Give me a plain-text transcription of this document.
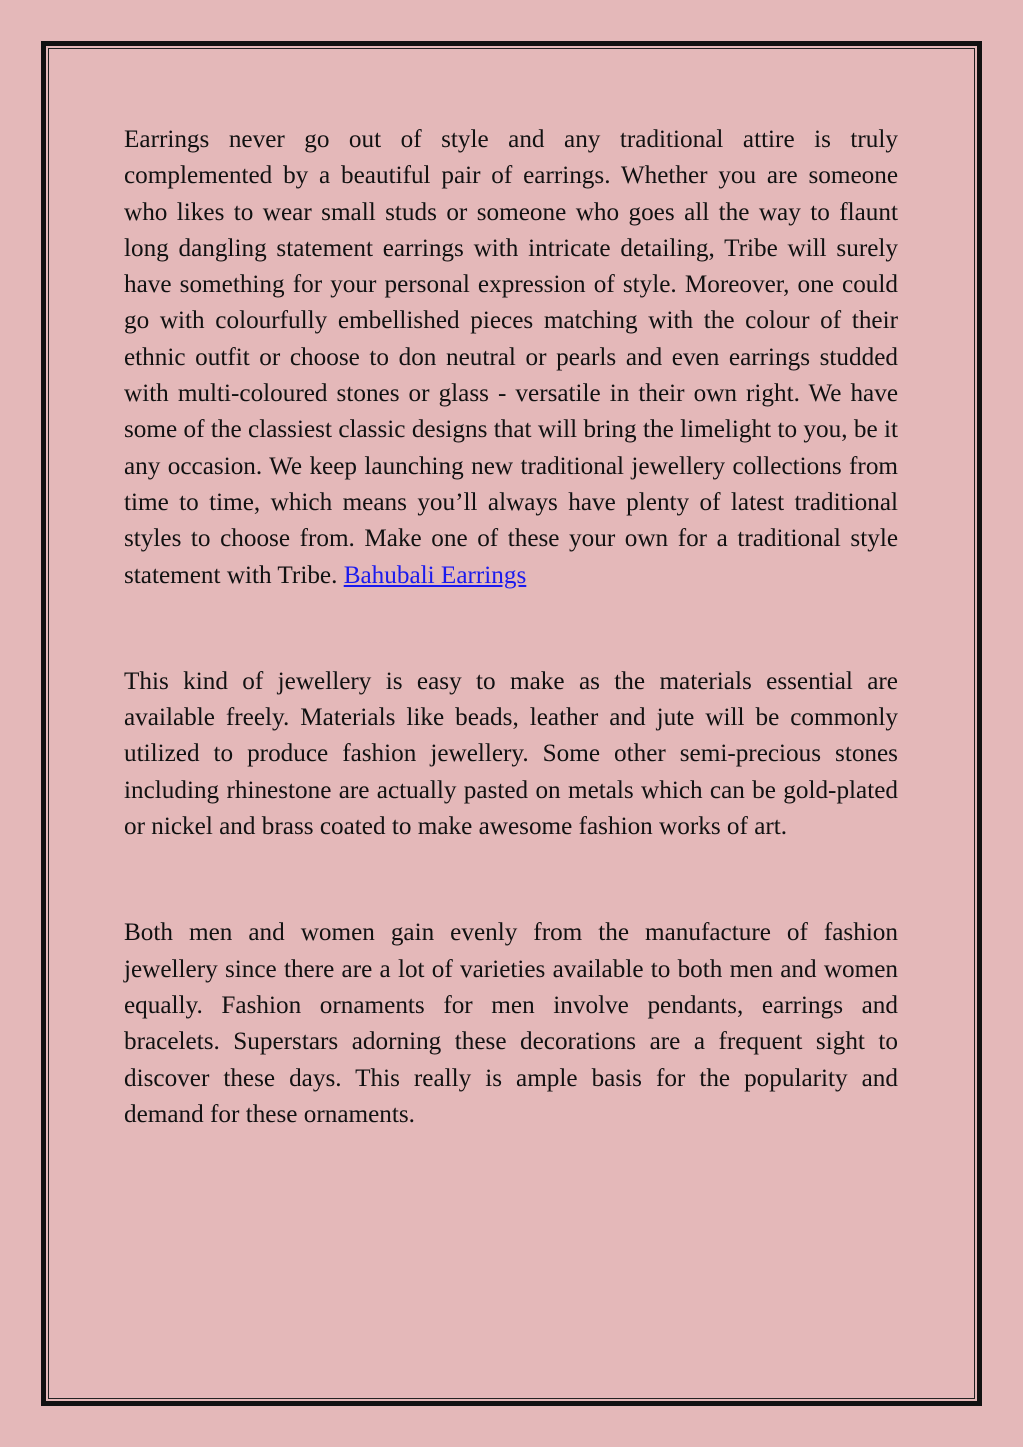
Earrings never go out of style and any traditional attire is truly complemented by a beautiful pair of earrings. Whether you are someone who likes to wear small studs or someone who goes all the way to flaunt long dangling statement earrings with intricate detailing, Tribe will surely have something for your personal expression of style. Moreover, one could go with colourfully embellished pieces matching with the colour of their ethnic outfit or choose to don neutral or pearls and even earrings studded with multi-coloured stones or glass - versatile in their own right. We have some of the classiest classic designs that will bring the limelight to you, be it any occasion. We keep launching new traditional jewellery collections from time to time, which means you’ll always have plenty of latest traditional styles to choose from. Make one of these your own for a traditional style statement with Tribe. Bahubali Earrings

This kind of jewellery is easy to make as the materials essential are available freely. Materials like beads, leather and jute will be commonly utilized to produce fashion jewellery. Some other semi-precious stones including rhinestone are actually pasted on metals which can be gold-plated or nickel and brass coated to make awesome fashion works of art.

Both men and women gain evenly from the manufacture of fashion jewellery since there are a lot of varieties available to both men and women equally. Fashion ornaments for men involve pendants, earrings and bracelets. Superstars adorning these decorations are a frequent sight to discover these days. This really is ample basis for the popularity and demand for these ornaments.
